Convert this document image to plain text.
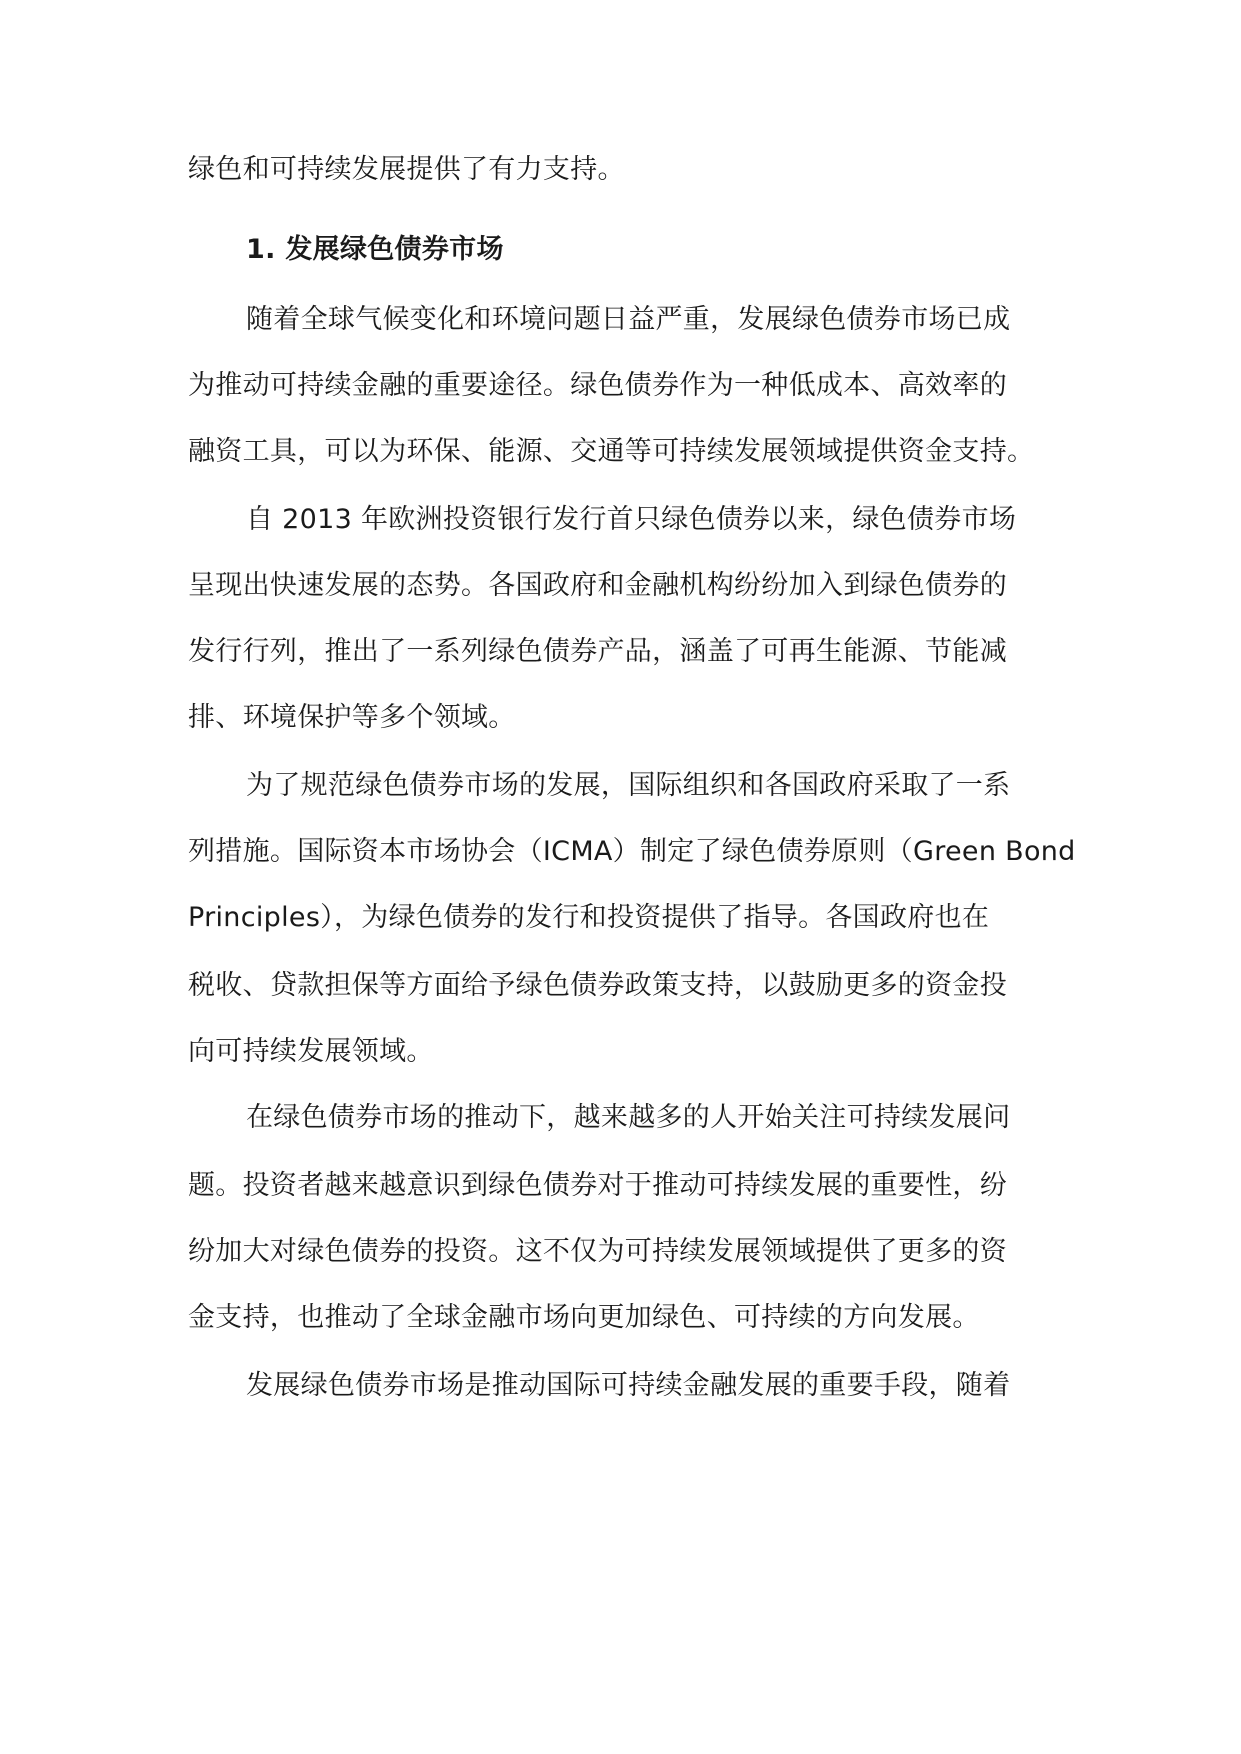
绿色和可持续发展提供了有力支持。
1. 发展绿色债券市场
随着全球气候变化和环境问题日益严重，发展绿色债券市场已成
为推动可持续金融的重要途径。绿色债券作为一种低成本、高效率的
融资工具，可以为环保、能源、交通等可持续发展领域提供资金支持。
自 2013 年欧洲投资银行发行首只绿色债券以来，绿色债券市场
呈现出快速发展的态势。各国政府和金融机构纷纷加入到绿色债券的
发行行列，推出了一系列绿色债券产品，涵盖了可再生能源、节能减
排、环境保护等多个领域。
为了规范绿色债券市场的发展，国际组织和各国政府采取了一系
列措施。国际资本市场协会（ICMA）制定了绿色债券原则（Green Bond
Principles），为绿色债券的发行和投资提供了指导。各国政府也在
税收、贷款担保等方面给予绿色债券政策支持，以鼓励更多的资金投
向可持续发展领域。
在绿色债券市场的推动下，越来越多的人开始关注可持续发展问
题。投资者越来越意识到绿色债券对于推动可持续发展的重要性，纷
纷加大对绿色债券的投资。这不仅为可持续发展领域提供了更多的资
金支持，也推动了全球金融市场向更加绿色、可持续的方向发展。
发展绿色债券市场是推动国际可持续金融发展的重要手段，随着
